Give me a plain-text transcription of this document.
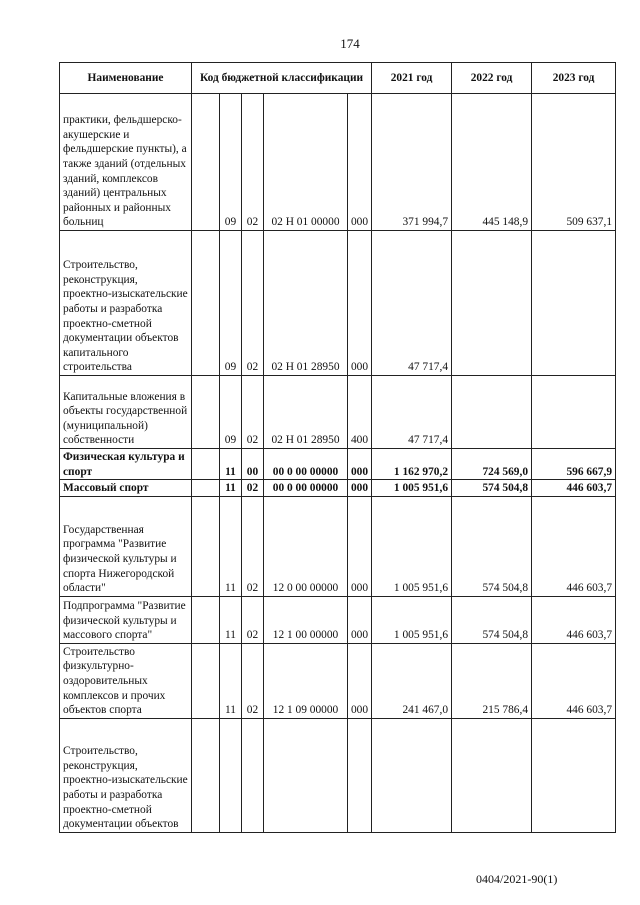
174
Наименование	Код бюджетной классификации					2021 год	2022 год	2023 год
практики, фельдшерско-акушерские и фельдшерские пункты), а также зданий (отдельных зданий, комплексов зданий) центральных районных и районных больниц		09	02	02 Н 01 00000	000	371 994,7	445 148,9	509 637,1
Строительство, реконструкция, проектно-изыскательские работы и разработка проектно-сметной документации объектов капитального строительства		09	02	02 Н 01 28950	000	47 717,4		
Капитальные вложения в объекты государственной (муниципальной) собственности		09	02	02 Н 01 28950	400	47 717,4		
Физическая культура и спорт		11	00	00 0 00 00000	000	1 162 970,2	724 569,0	596 667,9
Массовый спорт		11	02	00 0 00 00000	000	1 005 951,6	574 504,8	446 603,7
Государственная программа "Развитие физической культуры и спорта Нижегородской области"		11	02	12 0 00 00000	000	1 005 951,6	574 504,8	446 603,7
Подпрограмма "Развитие физической культуры и массового спорта"		11	02	12 1 00 00000	000	1 005 951,6	574 504,8	446 603,7
Строительство физкультурно-оздоровительных комплексов и прочих объектов спорта		11	02	12 1 09 00000	000	241 467,0	215 786,4	446 603,7
Строительство, реконструкция, проектно-изыскательские работы и разработка проектно-сметной документации объектов								
0404/2021-90(1)
